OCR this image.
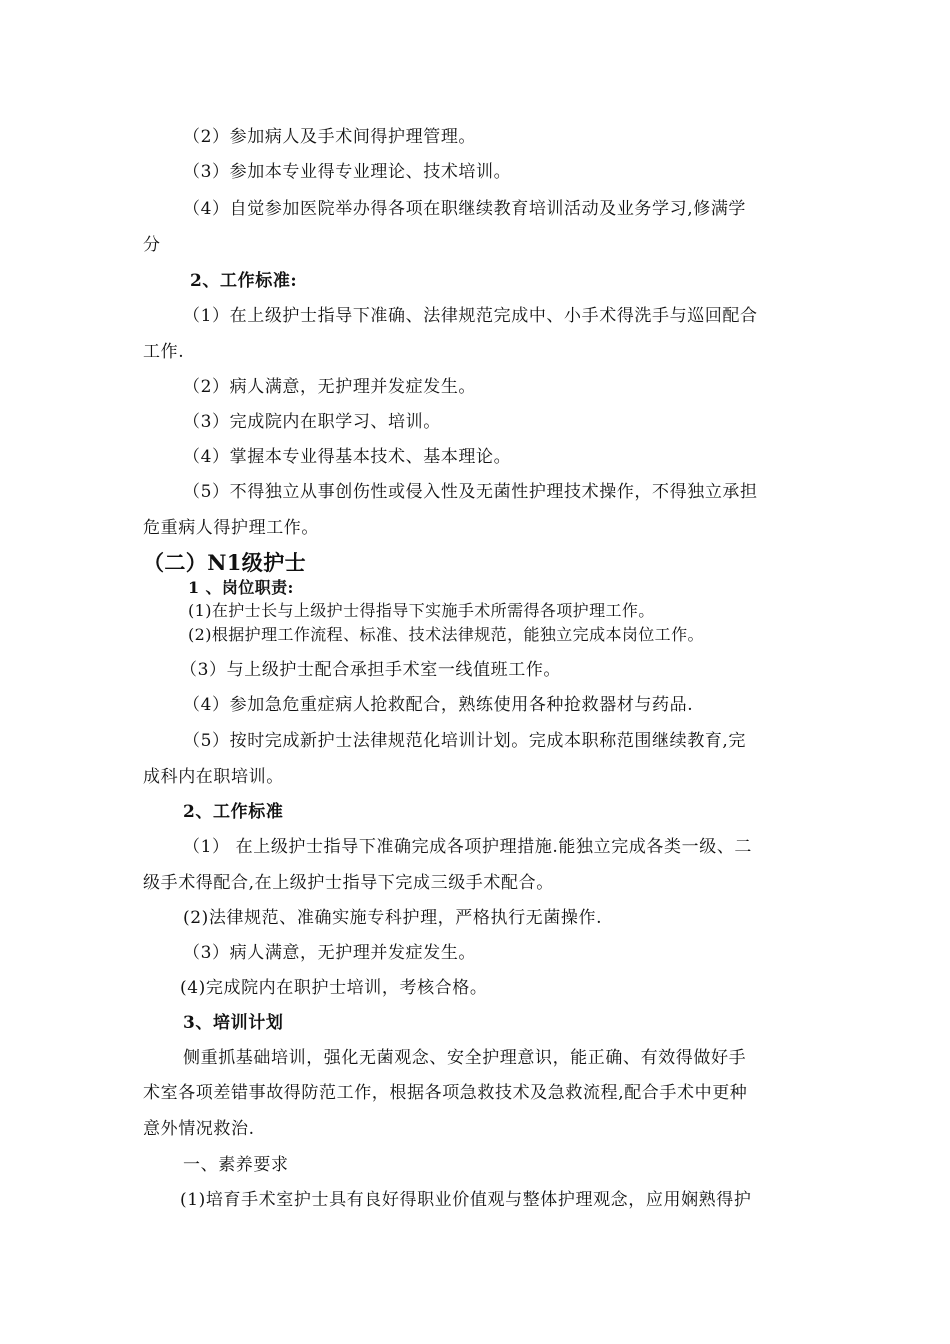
（2）参加病人及手术间得护理管理。
（3）参加本专业得专业理论、技术培训。
（4）自觉参加医院举办得各项在职继续教育培训活动及业务学习,修满学
分
2、工作标准:
（1）在上级护士指导下准确、法律规范完成中、小手术得洗手与巡回配合
工作.
（2）病人满意，无护理并发症发生。
（3）完成院内在职学习、培训。
（4）掌握本专业得基本技术、基本理论。
（5）不得独立从事创伤性或侵入性及无菌性护理技术操作，不得独立承担
危重病人得护理工作。
（二）N1级护士
1 、岗位职责:
(1)在护士长与上级护士得指导下实施手术所需得各项护理工作。
(2)根据护理工作流程、标准、技术法律规范，能独立完成本岗位工作。
（3）与上级护士配合承担手术室一线值班工作。
（4）参加急危重症病人抢救配合，熟练使用各种抢救器材与药品.
（5）按时完成新护士法律规范化培训计划。完成本职称范围继续教育,完
成科内在职培训。
2、工作标准
（1） 在上级护士指导下准确完成各项护理措施.能独立完成各类一级、二
级手术得配合,在上级护士指导下完成三级手术配合。
(2)法律规范、准确实施专科护理，严格执行无菌操作.
（3）病人满意，无护理并发症发生。
(4)完成院内在职护士培训，考核合格。
3、培训计划
侧重抓基础培训，强化无菌观念、安全护理意识，能正确、有效得做好手
术室各项差错事故得防范工作，根据各项急救技术及急救流程,配合手术中更种
意外情况救治.
一、素养要求
(1)培育手术室护士具有良好得职业价值观与整体护理观念，应用娴熟得护
